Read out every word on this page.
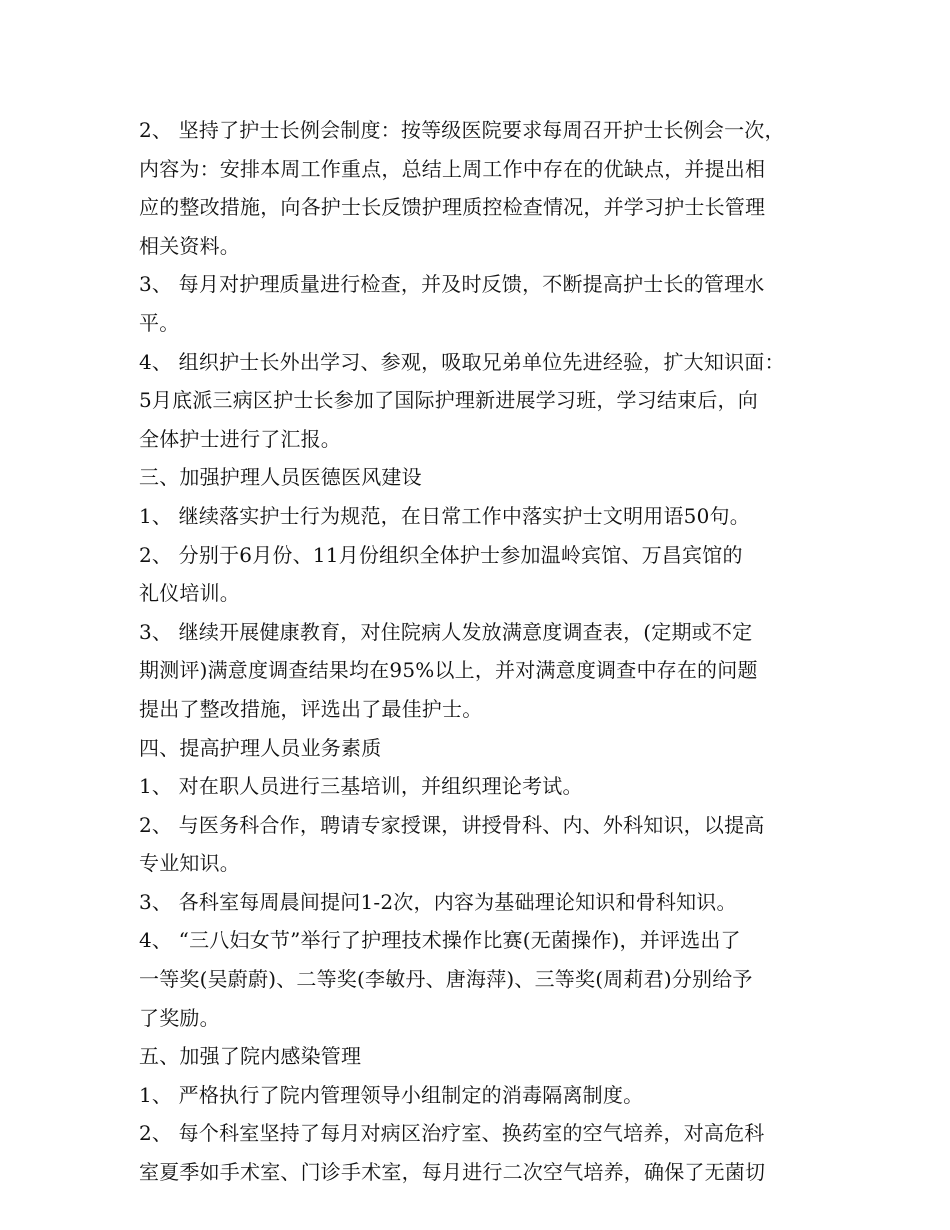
2、 坚持了护士长例会制度：按等级医院要求每周召开护士长例会一次，
内容为：安排本周工作重点，总结上周工作中存在的优缺点，并提出相
应的整改措施，向各护士长反馈护理质控检查情况，并学习护士长管理
相关资料。
3、 每月对护理质量进行检查，并及时反馈，不断提高护士长的管理水
平。
4、 组织护士长外出学习、参观，吸取兄弟单位先进经验，扩大知识面：
5月底派三病区护士长参加了国际护理新进展学习班，学习结束后，向
全体护士进行了汇报。
三、加强护理人员医德医风建设
1、 继续落实护士行为规范，在日常工作中落实护士文明用语50句。
2、 分别于6月份、11月份组织全体护士参加温岭宾馆、万昌宾馆的
礼仪培训。
3、 继续开展健康教育，对住院病人发放满意度调查表，(定期或不定
期测评)满意度调查结果均在95%以上，并对满意度调查中存在的问题
提出了整改措施，评选出了最佳护士。
四、提高护理人员业务素质
1、 对在职人员进行三基培训，并组织理论考试。
2、 与医务科合作，聘请专家授课，讲授骨科、内、外科知识，以提高
专业知识。
3、 各科室每周晨间提问1-2次，内容为基础理论知识和骨科知识。
4、 “三八妇女节”举行了护理技术操作比赛(无菌操作)，并评选出了
一等奖(吴蔚蔚)、二等奖(李敏丹、唐海萍)、三等奖(周莉君)分别给予
了奖励。
五、加强了院内感染管理
1、 严格执行了院内管理领导小组制定的消毒隔离制度。
2、 每个科室坚持了每月对病区治疗室、换药室的空气培养，对高危科
室夏季如手术室、门诊手术室，每月进行二次空气培养，确保了无菌切
